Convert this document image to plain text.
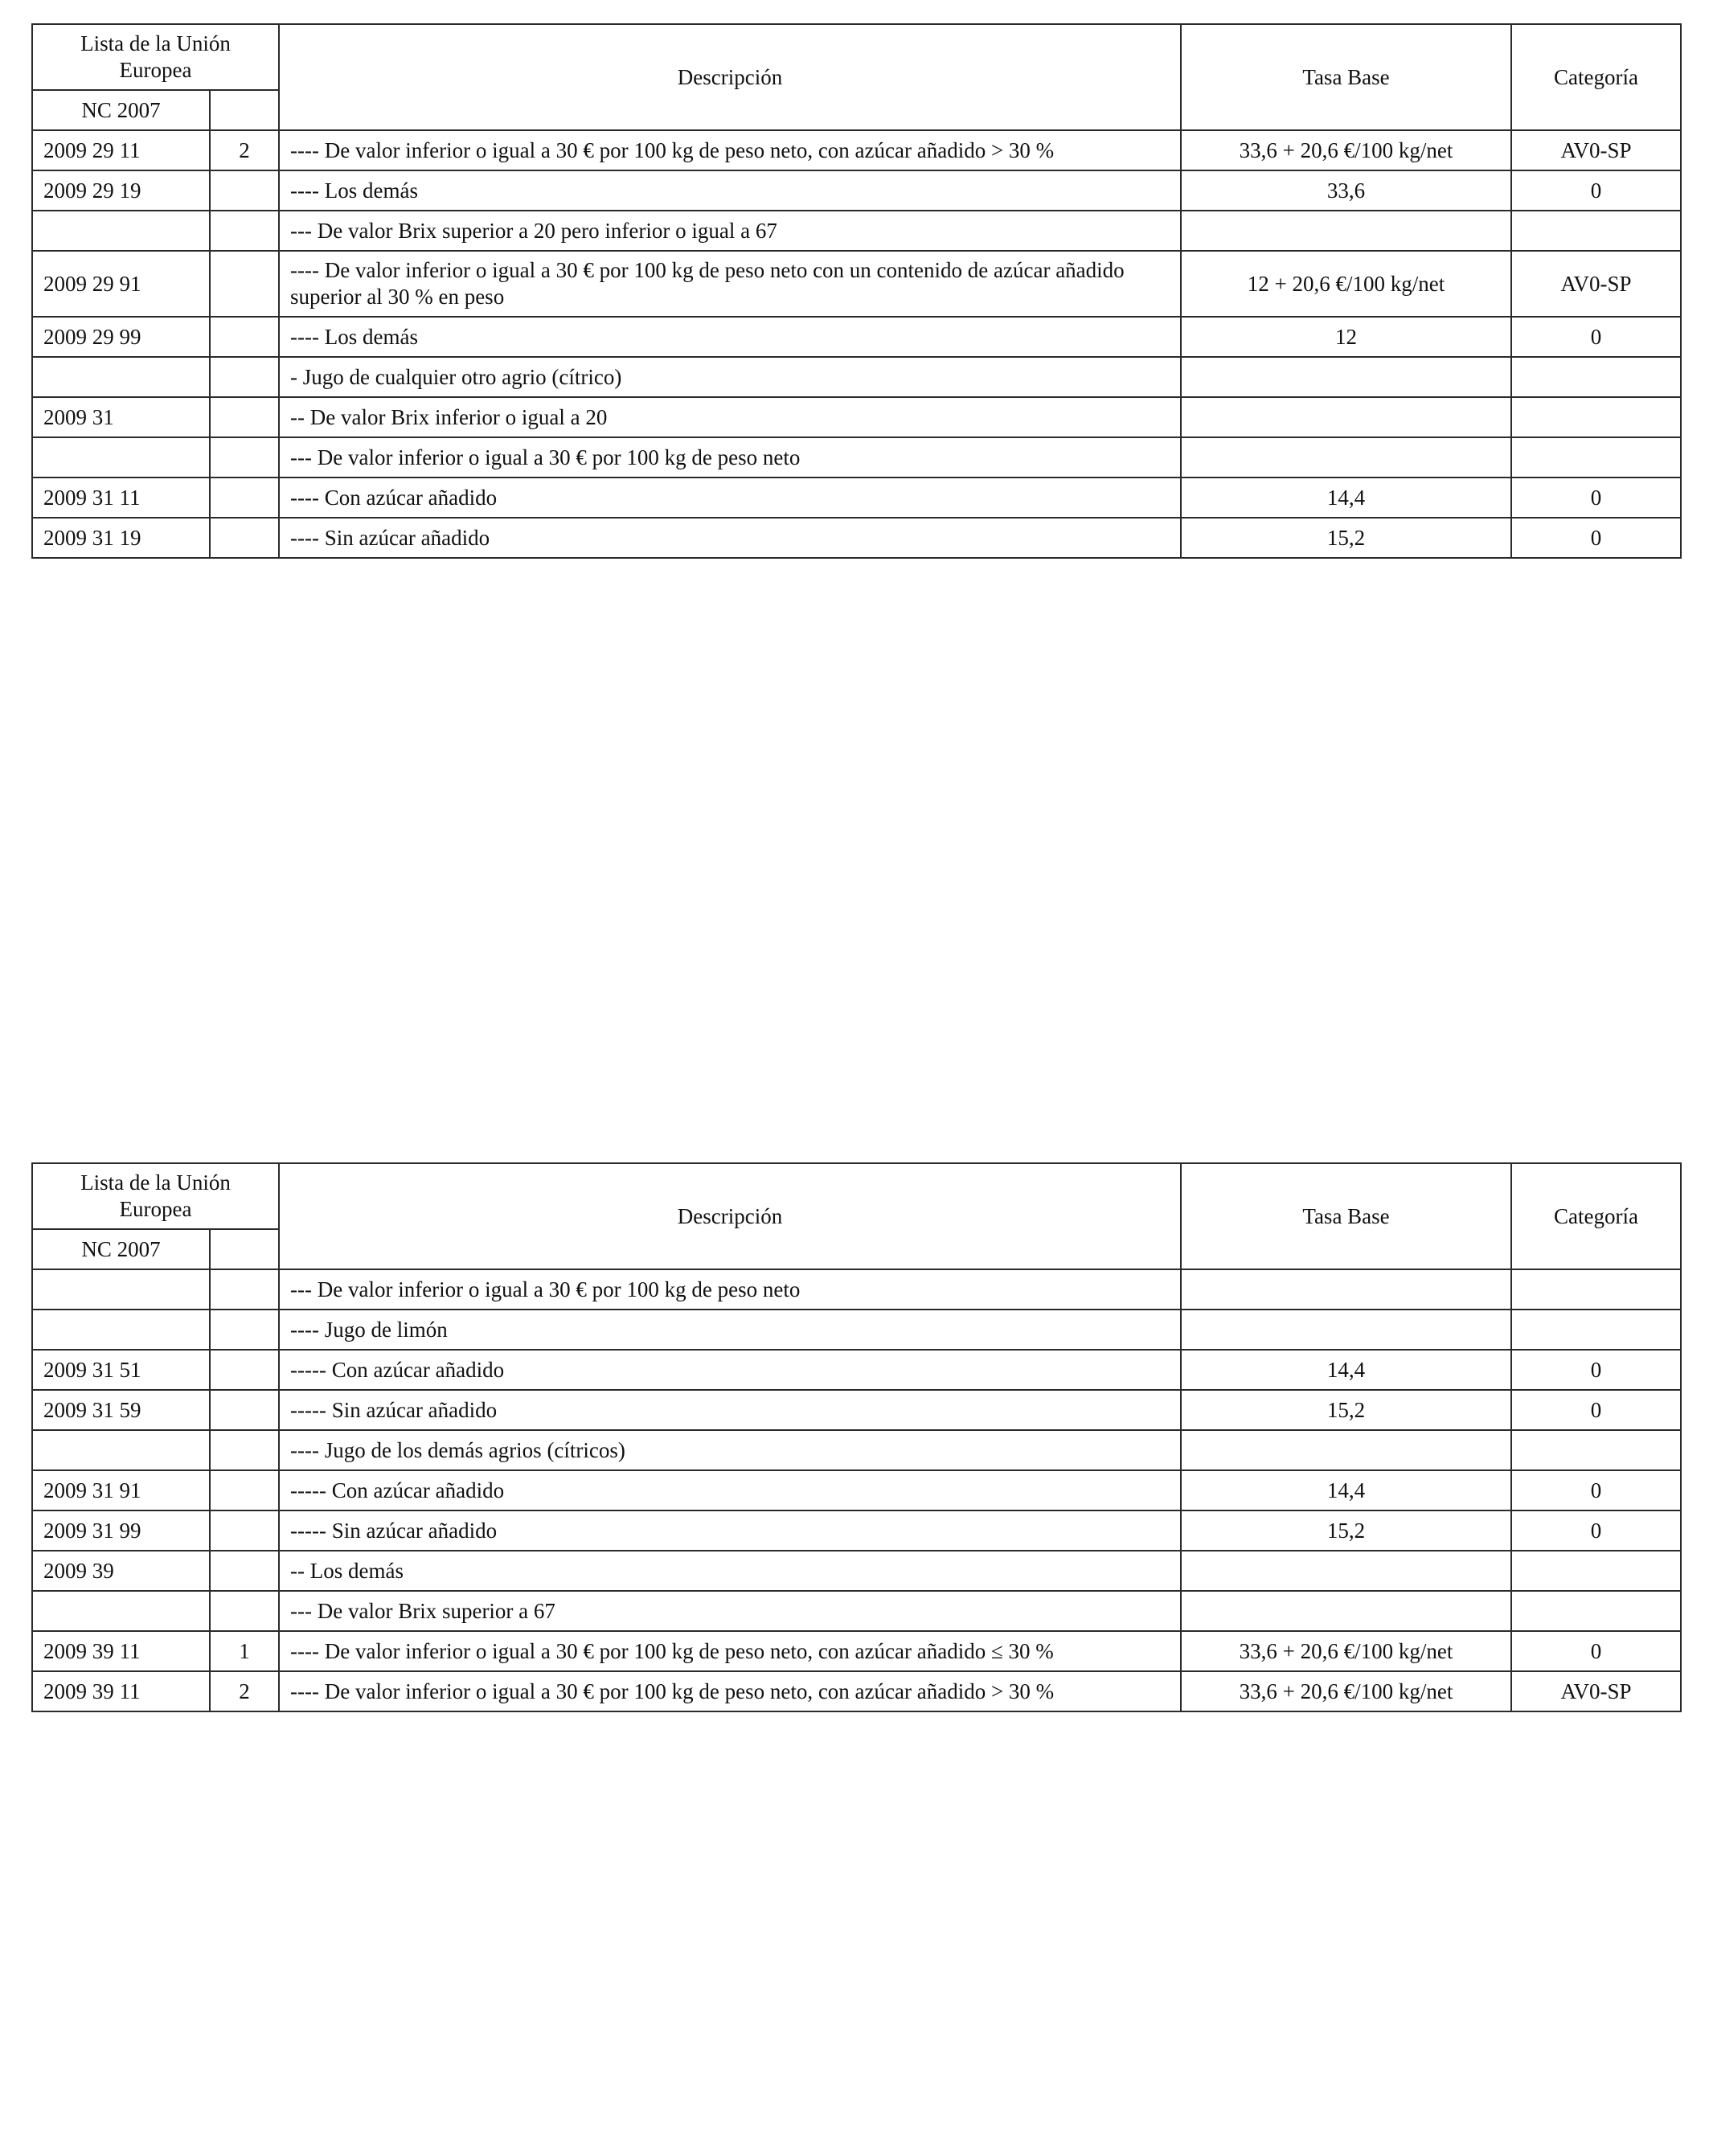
Lista de la Unión Europea		Descripción	Tasa Base	Categoría
NC 2007				
2009 29 11	2	---- De valor inferior o igual a 30 € por 100 kg de peso neto, con azúcar añadido > 30 %	33,6 + 20,6 €/100 kg/net	AV0-SP
2009 29 19		---- Los demás	33,6	0
		--- De valor Brix superior a 20 pero inferior o igual a 67		
2009 29 91		---- De valor inferior o igual a 30 € por 100 kg de peso neto con un contenido de azúcar añadido superior al 30 % en peso	12 + 20,6 €/100 kg/net	AV0-SP
2009 29 99		---- Los demás	12	0
		- Jugo de cualquier otro agrio (cítrico)		
2009 31		-- De valor Brix inferior o igual a 20		
		--- De valor inferior o igual a 30 € por 100 kg de peso neto		
2009 31 11		---- Con azúcar añadido	14,4	0
2009 31 19		---- Sin azúcar añadido	15,2	0
Lista de la Unión Europea		Descripción	Tasa Base	Categoría
NC 2007				
		--- De valor inferior o igual a 30 € por 100 kg de peso neto		
		---- Jugo de limón		
2009 31 51		----- Con azúcar añadido	14,4	0
2009 31 59		----- Sin azúcar añadido	15,2	0
		---- Jugo de los demás agrios (cítricos)		
2009 31 91		----- Con azúcar añadido	14,4	0
2009 31 99		----- Sin azúcar añadido	15,2	0
2009 39		-- Los demás		
		--- De valor Brix superior a 67		
2009 39 11	1	---- De valor inferior o igual a 30 € por 100 kg de peso neto, con azúcar añadido ≤ 30 %	33,6 + 20,6 €/100 kg/net	0
2009 39 11	2	---- De valor inferior o igual a 30 € por 100 kg de peso neto, con azúcar añadido > 30 %	33,6 + 20,6 €/100 kg/net	AV0-SP
